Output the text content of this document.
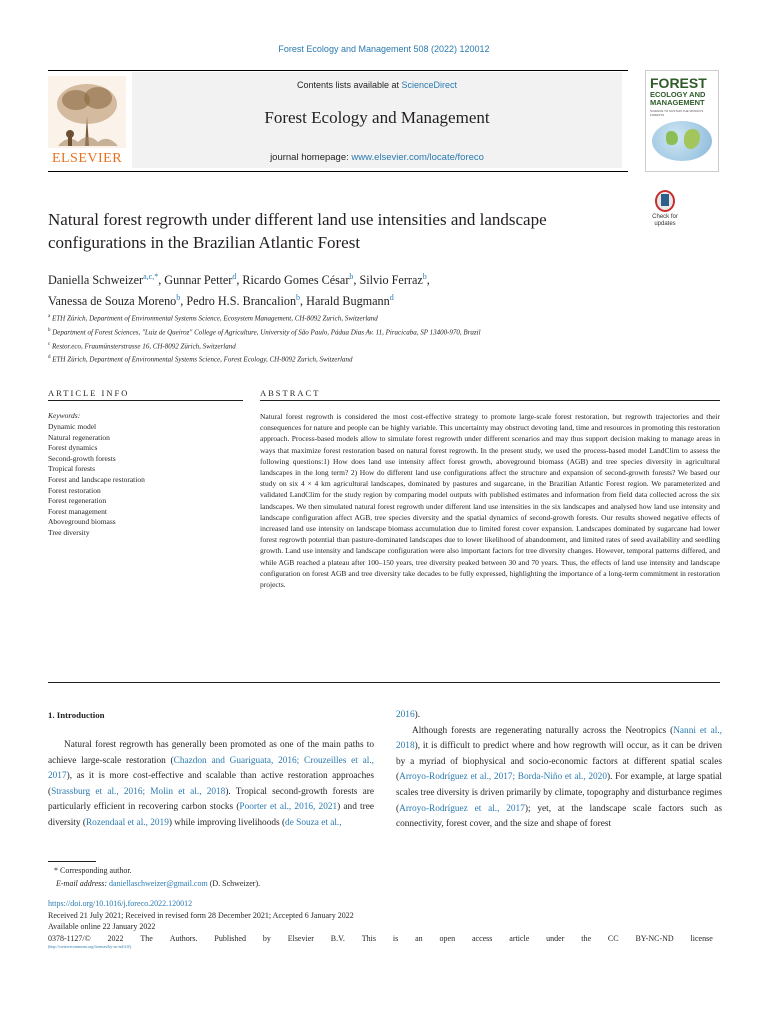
Forest Ecology and Management 508 (2022) 120012
ELSEVIER
Contents lists available at ScienceDirect
Forest Ecology and Management
journal homepage: www.elsevier.com/locate/foreco
FOREST
ECOLOGY AND MANAGEMENT
SCIENCE TO SUSTAIN THE WORLD'S FORESTS
Check for updates
Natural forest regrowth under different land use intensities and landscape configurations in the Brazilian Atlantic Forest
Daniella Schweizer$^{a,c,*}$, Gunnar Petter$^d$, Ricardo Gomes César$^b$, Silvio Ferraz$^b$,
Vanessa de Souza Moreno$^b$, Pedro H.S. Brancalion$^b$, Harald Bugmann$^d$
$^a$ ETH Zürich, Department of Environmental Systems Science, Ecosystem Management, CH-8092 Zurich, Switzerland
$^b$ Department of Forest Sciences, "Luiz de Queiroz" College of Agriculture, University of São Paulo, Pádua Dias Av. 11, Piracicaba, SP 13400-970, Brazil
$^c$ Restor.eco, Fraumünsterstrasse 16, CH-8092 Zürich, Switzerland
$^d$ ETH Zürich, Department of Environmental Systems Science, Forest Ecology, CH-8092 Zurich, Switzerland
ARTICLE INFO	ABSTRACT
Keywords:
Dynamic model
Natural regeneration
Forest dynamics
Second-growth forests
Tropical forests
Forest and landscape restoration
Forest restoration
Forest regeneration
Forest management
Aboveground biomass
Tree diversity
Natural forest regrowth is considered the most cost-effective strategy to promote large-scale forest restoration, but regrowth trajectories and their consequences for nature and people can be highly variable. This uncertainty may obstruct devoting land, time and resources in promoting this restoration approach. Process-based models allow to simulate forest regrowth under different scenarios and may thus support decision making to manage areas in ways that maximize forest restoration based on natural forest regrowth. In the present study, we used the process-based model LandClim to assess the following questions:1) How does land use intensity affect forest growth, aboveground biomass (AGB) and tree species diversity in agricultural landscapes in the long term? 2) How do different land use configurations affect the structure and expansion of second-growth forests? We based our study on six 4 × 4 km agricultural landscapes, dominated by pastures and sugarcane, in the Brazilian Atlantic Forest region. We parameterized and validated LandClim for the study region by comparing model outputs with published estimates and information from field data collected across the six landscapes. We then simulated natural forest regrowth under different land use intensities in the six landscapes and analysed how land use intensity and landscape configuration affect AGB, tree species diversity and the spatial dynamics of second-growth forests. Our results showed negative effects of increased land use intensity on landscape biomass accumulation due to limited forest cover expansion. Landscapes dominated by sugarcane had lower forest regrowth potential than pasture-dominated landscapes due to lower likelihood of abandonment, and limited rates of seed availability and seedling growth. Land use intensity and landscape configuration were also important factors for tree diversity changes. However, temporal patterns differed, and while AGB reached a plateau after 100–150 years, tree diversity peaked between 30 and 70 years. Thus, the effects of land use intensity and landscape configuration on forest AGB and tree diversity take decades to be fully expressed, highlighting the importance of a long-term commitment in restoration projects.
1. Introduction
Natural forest regrowth has generally been promoted as one of the main paths to achieve large-scale restoration (Chazdon and Guariguata, 2016; Crouzeilles et al., 2017), as it is more cost-effective and scalable than active restoration approaches (Strassburg et al., 2016; Molin et al., 2018). Tropical second-growth forests are particularly efficient in recovering carbon stocks (Poorter et al., 2016, 2021) and tree diversity (Rozendaal et al., 2019) while improving livelihoods (de Souza et al.,
2016).
Although forests are regenerating naturally across the Neotropics (Nanni et al., 2018), it is difficult to predict where and how regrowth will occur, as it can be driven by a myriad of biophysical and socio-economic factors at different spatial scales (Arroyo-Rodríguez et al., 2017; Borda-Niño et al., 2020). For example, at large spatial scales tree diversity is driven primarily by climate, topography and disturbance regimes (Arroyo-Rodríguez et al., 2017); yet, at the landscape scale factors such as connectivity, forest cover, and the size and shape of forest
* Corresponding author.
E-mail address: daniellaschweizer@gmail.com (D. Schweizer).
https://doi.org/10.1016/j.foreco.2022.120012
Received 21 July 2021; Received in revised form 28 December 2021; Accepted 6 January 2022
Available online 22 January 2022
0378-1127/© 2022 The Authors. Published by Elsevier B.V. This is an open access article under the CC BY-NC-ND license
(http://creativecommons.org/licenses/by-nc-nd/4.0/).
